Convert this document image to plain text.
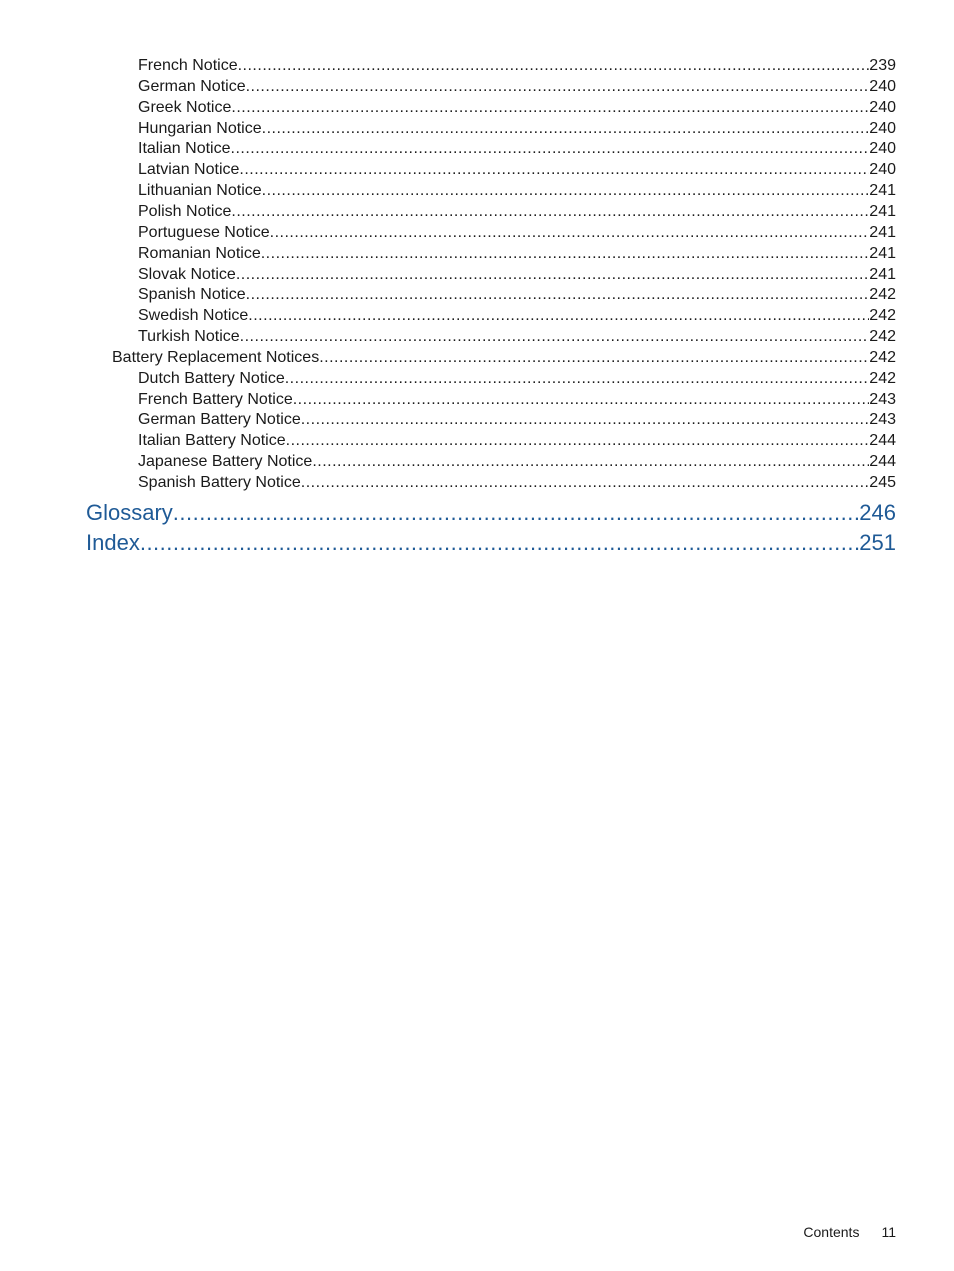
French Notice .....	239
German Notice .....	240
Greek Notice .....	240
Hungarian Notice .....	240
Italian Notice .....	240
Latvian Notice .....	240
Lithuanian Notice .....	241
Polish Notice .....	241
Portuguese Notice .....	241
Romanian Notice .....	241
Slovak Notice .....	241
Spanish Notice .....	242
Swedish Notice .....	242
Turkish Notice .....	242
Battery Replacement Notices .....	242
Dutch Battery Notice .....	242
French Battery Notice .....	243
German Battery Notice .....	243
Italian Battery Notice .....	244
Japanese Battery Notice .....	244
Spanish Battery Notice .....	245
Glossary .....	246
Index .....	251
Contents 11
